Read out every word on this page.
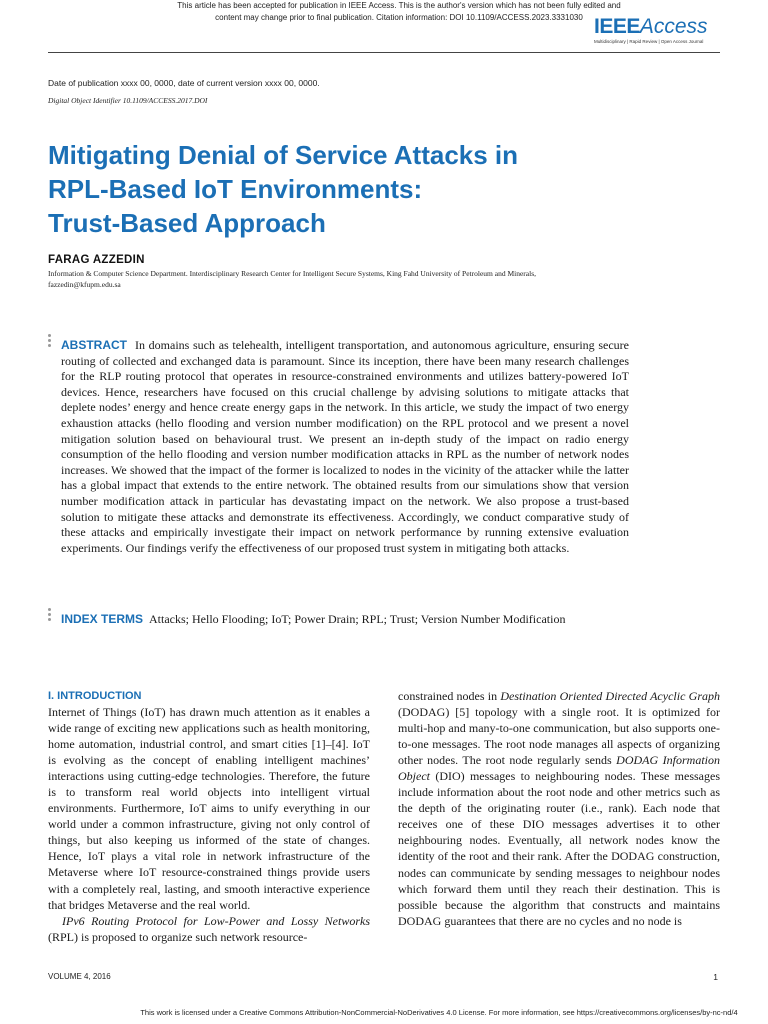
This article has been accepted for publication in IEEE Access. This is the author's version which has not been fully edited and
content may change prior to final publication. Citation information: DOI 10.1109/ACCESS.2023.3331030 IEEEAccess
Multidisciplinary | Rapid Review | Open Access Journal
Date of publication xxxx 00, 0000, date of current version xxxx 00, 0000.
Digital Object Identifier 10.1109/ACCESS.2017.DOI
Mitigating Denial of Service Attacks in
RPL-Based IoT Environments:
Trust-Based Approach
FARAG AZZEDIN
Information & Computer Science Department. Interdisciplinary Research Center for Intelligent Secure Systems, King Fahd University of Petroleum and Minerals, fazzedin@kfupm.edu.sa
ABSTRACT In domains such as telehealth, intelligent transportation, and autonomous agriculture, ensuring secure routing of collected and exchanged data is paramount. Since its inception, there have been many research challenges for the RLP routing protocol that operates in resource-constrained environments and utilizes battery-powered IoT devices. Hence, researchers have focused on this crucial challenge by advising solutions to mitigate attacks that deplete nodes’ energy and hence create energy gaps in the network. In this article, we study the impact of two energy exhaustion attacks (hello flooding and version number modification) on the RPL protocol and we present a novel mitigation solution based on behavioural trust. We present an in-depth study of the impact on radio energy consumption of the hello flooding and version number modification attacks in RPL as the number of network nodes increases. We showed that the impact of the former is localized to nodes in the vicinity of the attacker while the latter has a global impact that extends to the entire network. The obtained results from our simulations show that version number modification attack in particular has devastating impact on the network. We also propose a trust-based solution to mitigate these attacks and demonstrate its effectiveness. Accordingly, we conduct comparative study of these attacks and empirically investigate their impact on network performance by running extensive evaluation experiments. Our findings verify the effectiveness of our proposed trust system in mitigating both attacks.
INDEX TERMS Attacks; Hello Flooding; IoT; Power Drain; RPL; Trust; Version Number Modification
I. INTRODUCTION

Internet of Things (IoT) has drawn much attention as it enables a wide range of exciting new applications such as health monitoring, home automation, industrial control, and smart cities [1]–[4]. IoT is evolving as the concept of enabling intelligent machines’ interactions using cutting-edge technologies. Therefore, the future is to transform real world objects into intelligent virtual environments. Furthermore, IoT aims to unify everything in our world under a common infrastructure, giving not only control of things, but also keeping us informed of the state of changes. Hence, IoT plays a vital role in network infrastructure of the Metaverse where IoT resource-constrained things provide users with a completely real, lasting, and smooth interactive experience that bridges Metaverse and the real world.

IPv6 Routing Protocol for Low-Power and Lossy Networks (RPL) is proposed to organize such network resource-

constrained nodes in Destination Oriented Directed Acyclic Graph (DODAG) [5] topology with a single root. It is optimized for multi-hop and many-to-one communication, but also supports one-to-one messages. The root node manages all aspects of organizing other nodes. The root node regularly sends DODAG Information Object (DIO) messages to neighbouring nodes. These messages include information about the root node and other metrics such as the depth of the originating router (i.e., rank). Each node that receives one of these DIO messages advertises it to other neighbouring nodes. Eventually, all network nodes know the identity of the root and their rank. After the DODAG construction, nodes can communicate by sending messages to neighbour nodes which forward them until they reach their destination. This is possible because the algorithm that constructs and maintains DODAG guarantees that there are no cycles and no node is

VOLUME 4, 2016	1
This work is licensed under a Creative Commons Attribution-NonCommercial-NoDerivatives 4.0 License. For more information, see https://creativecommons.org/licenses/by-nc-nd/4
